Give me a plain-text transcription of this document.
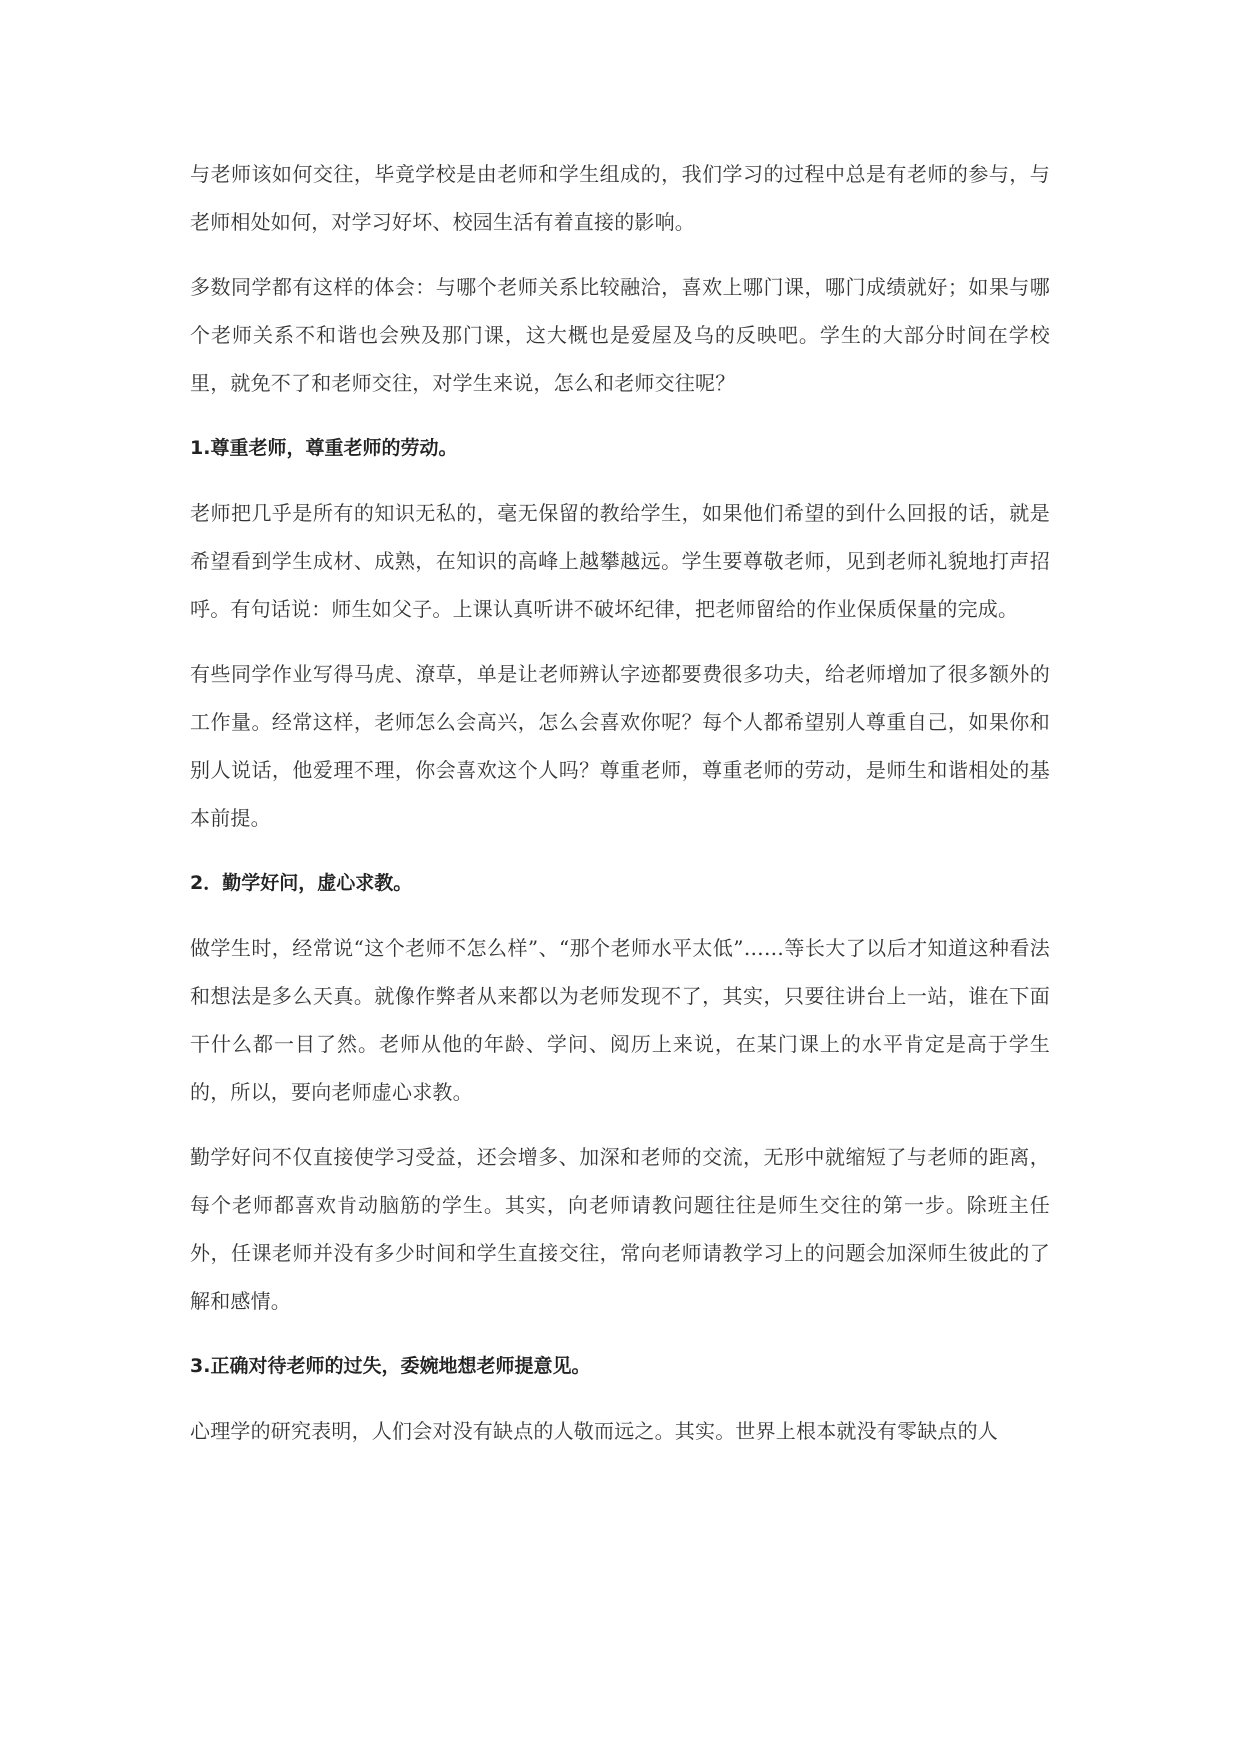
与老师该如何交往，毕竟学校是由老师和学生组成的，我们学习的过程中总是有老师的参与，与老师相处如何，对学习好坏、校园生活有着直接的影响。

多数同学都有这样的体会：与哪个老师关系比较融洽，喜欢上哪门课，哪门成绩就好；如果与哪个老师关系不和谐也会殃及那门课，这大概也是爱屋及乌的反映吧。学生的大部分时间在学校里，就免不了和老师交往，对学生来说，怎么和老师交往呢？

1.尊重老师，尊重老师的劳动。

老师把几乎是所有的知识无私的，毫无保留的教给学生，如果他们希望的到什么回报的话，就是希望看到学生成材、成熟，在知识的高峰上越攀越远。学生要尊敬老师，见到老师礼貌地打声招呼。有句话说：师生如父子。上课认真听讲不破坏纪律，把老师留给的作业保质保量的完成。

有些同学作业写得马虎、潦草，单是让老师辨认字迹都要费很多功夫，给老师增加了很多额外的工作量。经常这样，老师怎么会高兴，怎么会喜欢你呢？每个人都希望别人尊重自己，如果你和别人说话，他爱理不理，你会喜欢这个人吗？尊重老师，尊重老师的劳动，是师生和谐相处的基本前提。

2．勤学好问，虚心求教。

做学生时，经常说“这个老师不怎么样”、“那个老师水平太低”……等长大了以后才知道这种看法和想法是多么天真。就像作弊者从来都以为老师发现不了，其实，只要往讲台上一站，谁在下面干什么都一目了然。老师从他的年龄、学问、阅历上来说，在某门课上的水平肯定是高于学生的，所以，要向老师虚心求教。

勤学好问不仅直接使学习受益，还会增多、加深和老师的交流，无形中就缩短了与老师的距离，每个老师都喜欢肯动脑筋的学生。其实，向老师请教问题往往是师生交往的第一步。除班主任外，任课老师并没有多少时间和学生直接交往，常向老师请教学习上的问题会加深师生彼此的了解和感情。

3.正确对待老师的过失，委婉地想老师提意见。

心理学的研究表明，人们会对没有缺点的人敬而远之。其实。世界上根本就没有零缺点的人
